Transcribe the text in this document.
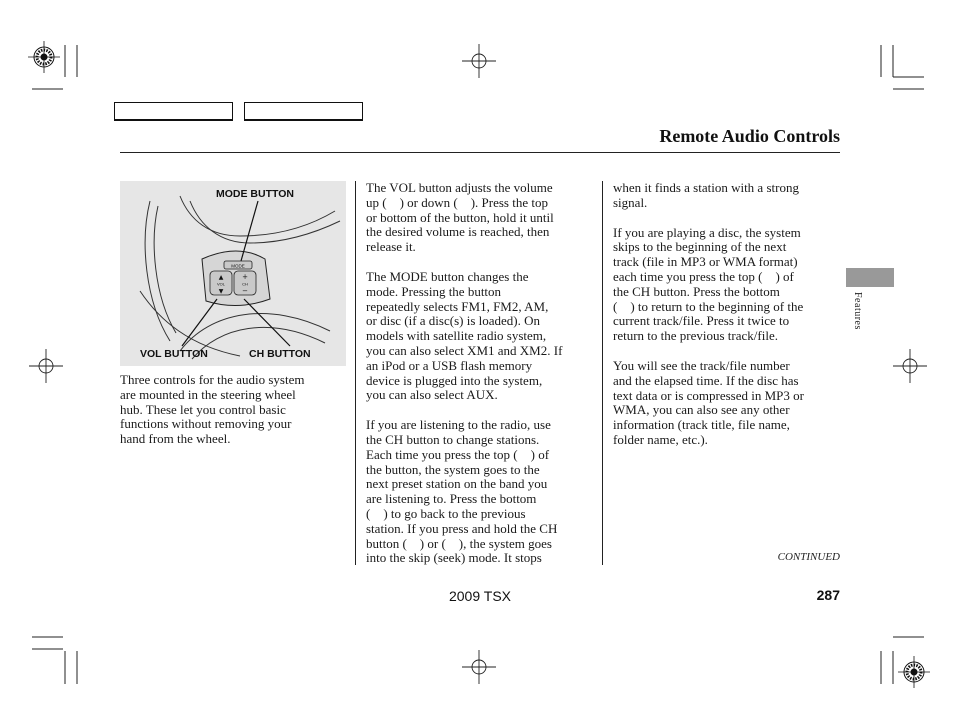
Remote Audio Controls
MODE
▲
▼
+
−
VOL	CH
MODE BUTTON
VOL BUTTON	CH BUTTON

Three controls for the audio system
are mounted in the steering wheel
hub. These let you control basic
functions without removing your
hand from the wheel.

The VOL button adjusts the volume
up (    ) or down (    ). Press the top
or bottom of the button, hold it until
the desired volume is reached, then
release it.

The MODE button changes the
mode. Pressing the button
repeatedly selects FM1, FM2, AM,
or disc (if a disc(s) is loaded). On
models with satellite radio system,
you can also select XM1 and XM2. If
an iPod or a USB flash memory
device is plugged into the system,
you can also select AUX.

If you are listening to the radio, use
the CH button to change stations.
Each time you press the top (    ) of
the button, the system goes to the
next preset station on the band you
are listening to. Press the bottom
(    ) to go back to the previous
station. If you press and hold the CH
button (    ) or (    ), the system goes
into the skip (seek) mode. It stops

when it finds a station with a strong
signal.

If you are playing a disc, the system
skips to the beginning of the next
track (file in MP3 or WMA format)
each time you press the top (    ) of
the CH button. Press the bottom
(    ) to return to the beginning of the
current track/file. Press it twice to
return to the previous track/file.

You will see the track/file number
and the elapsed time. If the disc has
text data or is compressed in MP3 or
WMA, you can also see any other
information (track title, file name,
folder name, etc.).

Features
CONTINUED
2009 TSX	287
